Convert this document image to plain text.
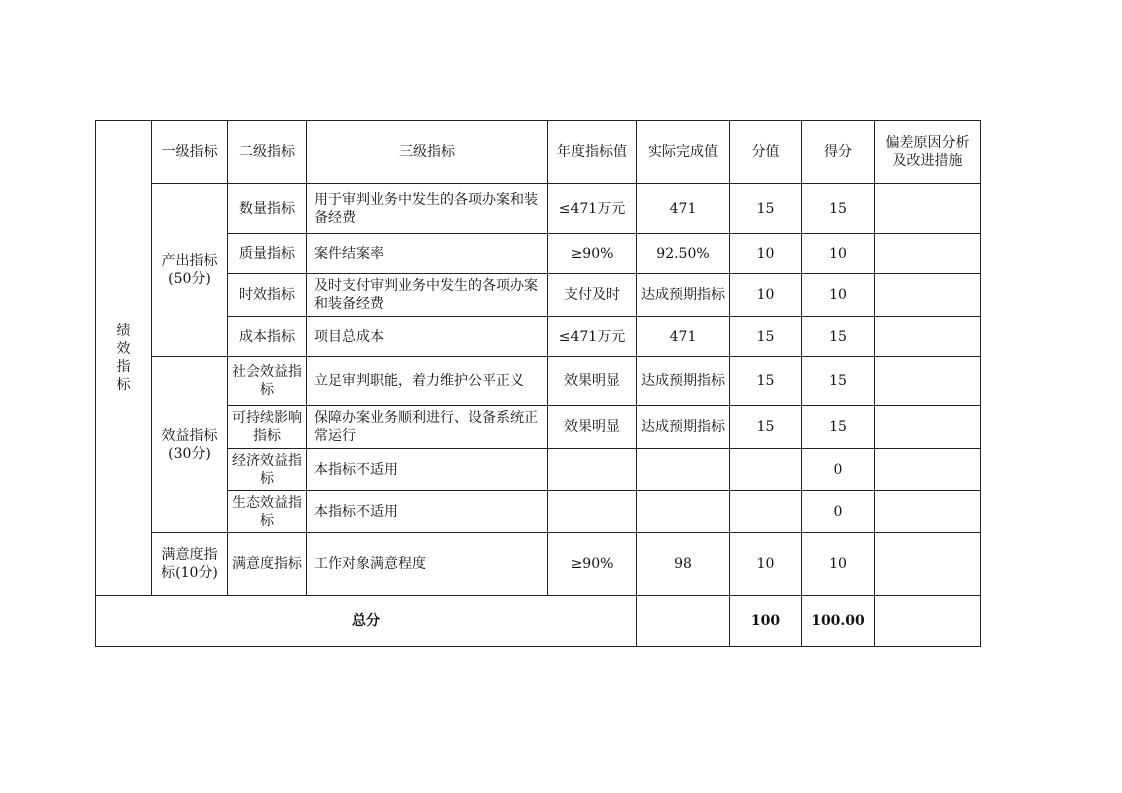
绩效指标	一级指标	二级指标	三级指标	年度指标值	实际完成值	分值	得分	偏差原因分析及改进措施
	产出指标(50分)	数量指标	用于审判业务中发生的各项办案和装备经费	≤471万元	471	15	15	
		质量指标	案件结案率	≥90%	92.50%	10	10	
		时效指标	及时支付审判业务中发生的各项办案和装备经费	支付及时	达成预期指标	10	10	
		成本指标	项目总成本	≤471万元	471	15	15	
	效益指标(30分)	社会效益指标	立足审判职能，着力维护公平正义	效果明显	达成预期指标	15	15	
		可持续影响指标	保障办案业务顺利进行、设备系统正常运行	效果明显	达成预期指标	15	15	
		经济效益指标	本指标不适用				0	
		生态效益指标	本指标不适用				0	
	满意度指标(10分)	满意度指标	工作对象满意程度	≥90%	98	10	10	
总分						100	100.00	
